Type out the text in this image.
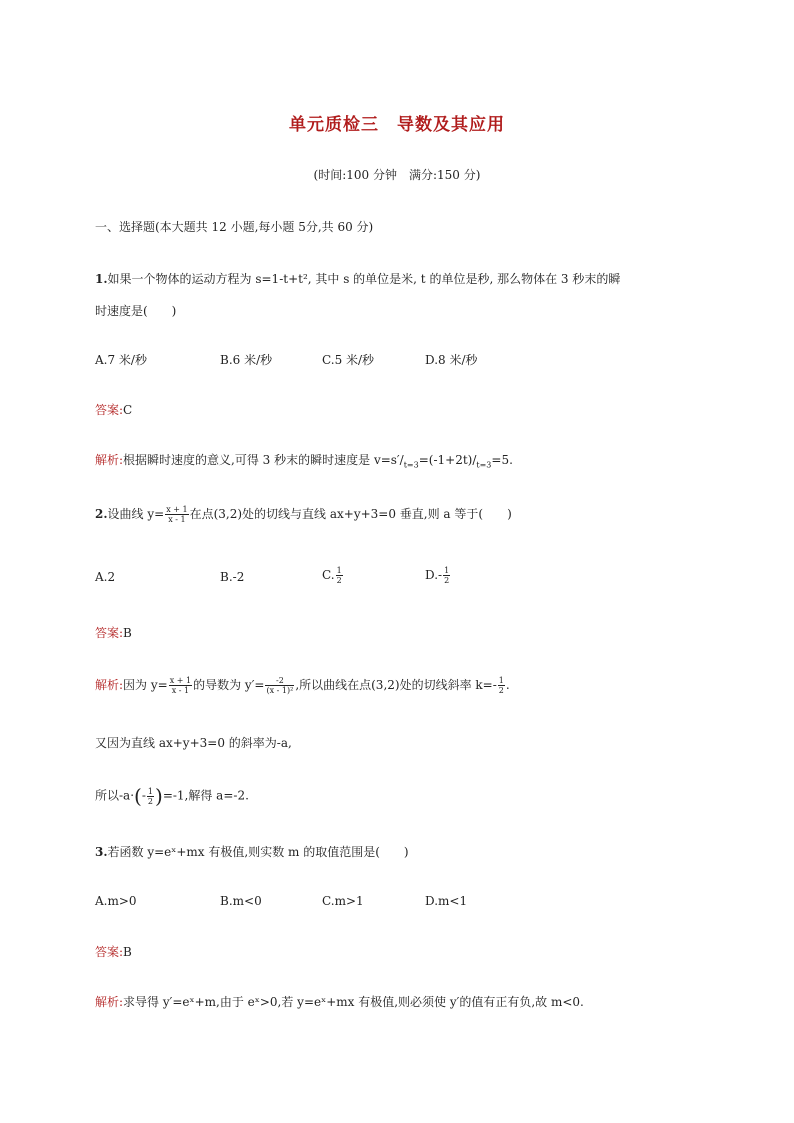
单元质检三　导数及其应用
(时间:100 分钟　满分:150 分)
一、选择题(本大题共 12 小题,每小题 5分,共 60 分)
1.如果一个物体的运动方程为 s=1-t+t², 其中 s 的单位是米, t 的单位是秒, 那么物体在 3 秒末的瞬
时速度是(　　)
A.7 米/秒	B.6 米/秒	C.5 米/秒	D.8 米/秒
答案:C
解析:根据瞬时速度的意义,可得 3 秒末的瞬时速度是 $v=s'/_{t=3}=(-1+2t)/_{t=3}=5$.
2.设曲线 $y= \frac{x + 1}{x - 1}$ 在点(3,2)处的切线与直线 ax+y+3=0 垂直,则 a 等于(　　)
A.2	B.-2	C. $\frac{1}{2}$	$D.- \frac{1}{2}$
答案:B
解析:因为 $y= \frac{x + 1}{x - 1}$ 的导数为 $y'= \frac{-2}{\text{(x - 1)²}}$ ,所以曲线在点(3,2)处的切线斜率 $k=- \frac{1}{2}$ .
又因为直线 ax+y+3=0 的斜率为-a,
所以$-a\cdot(- \frac{1}{2} )=-1$,解得 a=-2.
3.若函数 y=eˣ+mx 有极值,则实数 m 的取值范围是(　　)
A.m>0	B.m<0	C.m>1	D.m<1
答案:B
解析:求导得 y′=eˣ+m,由于 eˣ>0,若 y=eˣ+mx 有极值,则必须使 y′的值有正有负,故 m<0.
